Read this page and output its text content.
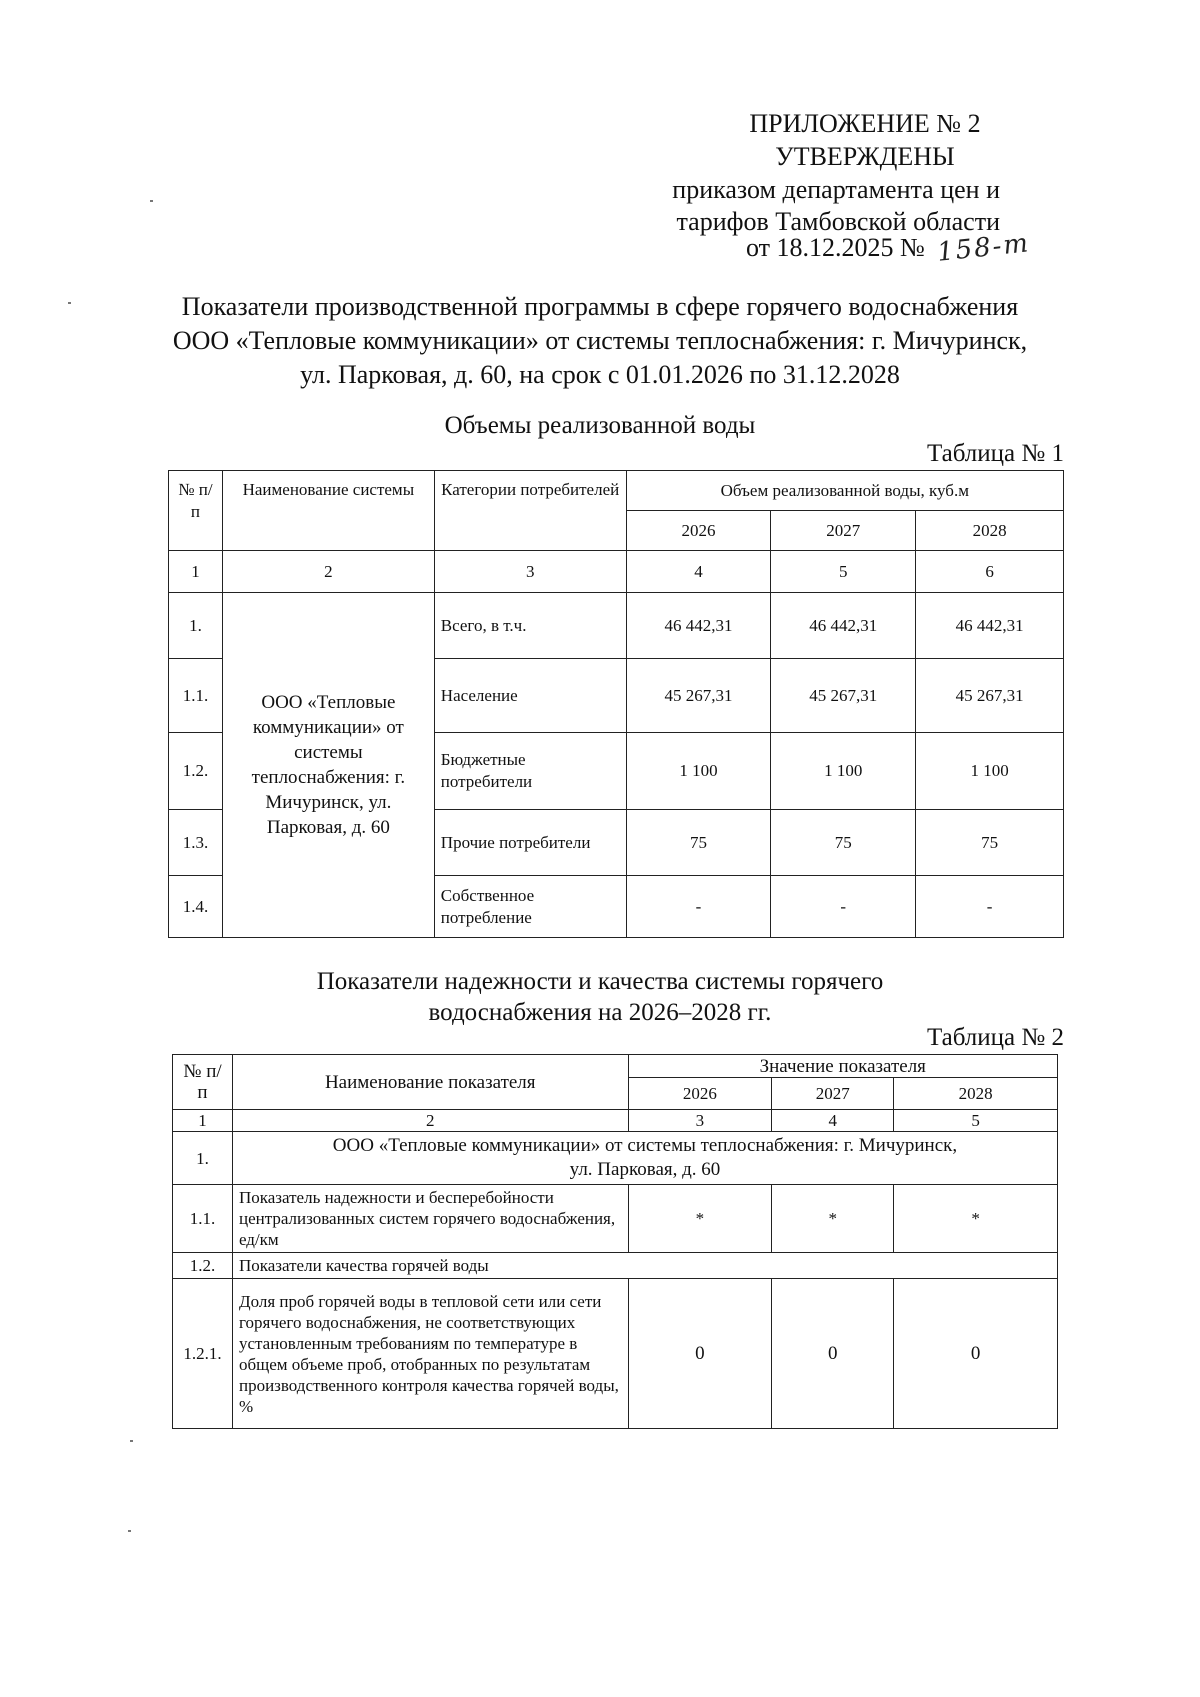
ПРИЛОЖЕНИЕ № 2
УТВЕРЖДЕНЫ
приказом департамента цен и
тарифов Тамбовской области
от 18.12.2025 № 158-т
Показатели производственной программы в сфере горячего водоснабжения
ООО «Тепловые коммуникации» от системы теплоснабжения: г. Мичуринск,
ул. Парковая, д. 60, на срок с 01.01.2026 по 31.12.2028
Объемы реализованной воды
Таблица № 1
№ п/п	Наименование системы	Категории потребителей	Объем реализованной воды, куб.м		
			2026	2027	2028
1	2	3	4	5	6
1.	ООО «Тепловые коммуникации» от системы теплоснабжения: г. Мичуринск, ул. Парковая, д. 60	Всего, в т.ч.	46 442,31	46 442,31	46 442,31
1.1.		Население	45 267,31	45 267,31	45 267,31
1.2.		Бюджетные потребители	1 100	1 100	1 100
1.3.		Прочие потребители	75	75	75
1.4.		Собственное потребление	-	-	-
Показатели надежности и качества системы горячего
водоснабжения на 2026–2028 гг.
Таблица № 2
№ п/п	Наименование показателя	Значение показателя		
		2026	2027	2028
1	2	3	4	5
1.	ООО «Тепловые коммуникации» от системы теплоснабжения: г. Мичуринск,
ул. Парковая, д. 60			

1.1.	Показатель надежности и бесперебойности централизованных систем горячего водоснабжения, ед/км	*	*	*
1.2.	Показатели качества горячей воды			
1.2.1.	Доля проб горячей воды в тепловой сети или сети горячего водоснабжения, не соответствующих установленным требованиям по температуре в общем объеме проб, отобранных по результатам производственного контроля качества горячей воды, %	0	0	0
